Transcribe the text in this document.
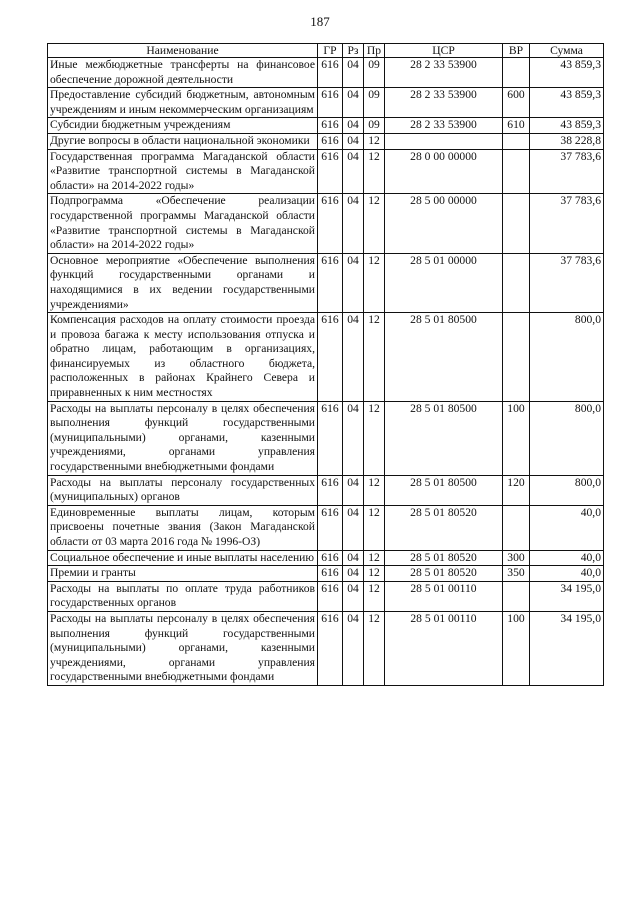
187
Наименование	ГР	Рз	Пр	ЦСР	ВР	Сумма
Иные межбюджетные трансферты на финансовое обеспечение дорожной деятельности	616	04	09	28 2 33 53900		43 859,3
Предоставление субсидий бюджетным, автономным учреждениям и иным некоммерческим организациям	616	04	09	28 2 33 53900	600	43 859,3
Субсидии бюджетным учреждениям	616	04	09	28 2 33 53900	610	43 859,3
Другие вопросы в области национальной экономики	616	04	12			38 228,8
Государственная программа Магаданской области «Развитие транспортной системы в Магаданской области» на 2014-2022 годы»	616	04	12	28 0 00 00000		37 783,6
Подпрограмма «Обеспечение реализации государственной программы Магаданской области «Развитие транспортной системы в Магаданской области» на 2014-2022 годы»	616	04	12	28 5 00 00000		37 783,6
Основное мероприятие «Обеспечение выполнения функций государственными органами и находящимися в их ведении государственными учреждениями»	616	04	12	28 5 01 00000		37 783,6
Компенсация расходов на оплату стоимости проезда и провоза багажа к месту использования отпуска и обратно лицам, работающим в организациях, финансируемых из областного бюджета, расположенных в районах Крайнего Севера и приравненных к ним местностях	616	04	12	28 5 01 80500		800,0
Расходы на выплаты персоналу в целях обеспечения выполнения функций государственными (муниципальными) органами, казенными учреждениями, органами управления государственными внебюджетными фондами	616	04	12	28 5 01 80500	100	800,0
Расходы на выплаты персоналу государственных (муниципальных) органов	616	04	12	28 5 01 80500	120	800,0
Единовременные выплаты лицам, которым присвоены почетные звания (Закон Магаданской области от 03 марта 2016 года № 1996-ОЗ)	616	04	12	28 5 01 80520		40,0
Социальное обеспечение и иные выплаты населению	616	04	12	28 5 01 80520	300	40,0
Премии и гранты	616	04	12	28 5 01 80520	350	40,0
Расходы на выплаты по оплате труда работников государственных органов	616	04	12	28 5 01 00110		34 195,0
Расходы на выплаты персоналу в целях обеспечения выполнения функций государственными (муниципальными) органами, казенными учреждениями, органами управления государственными внебюджетными фондами	616	04	12	28 5 01 00110	100	34 195,0
